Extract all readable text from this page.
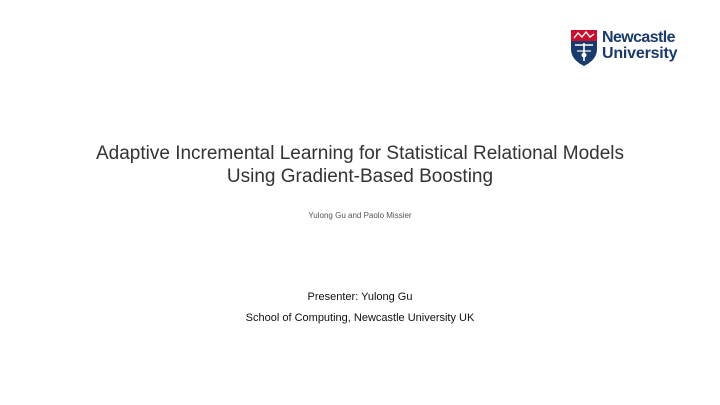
Newcastle
University
Adaptive Incremental Learning for Statistical Relational Models
Using Gradient-Based Boosting
Yulong Gu and Paolo Missier
Presenter: Yulong Gu
School of Computing, Newcastle University UK
